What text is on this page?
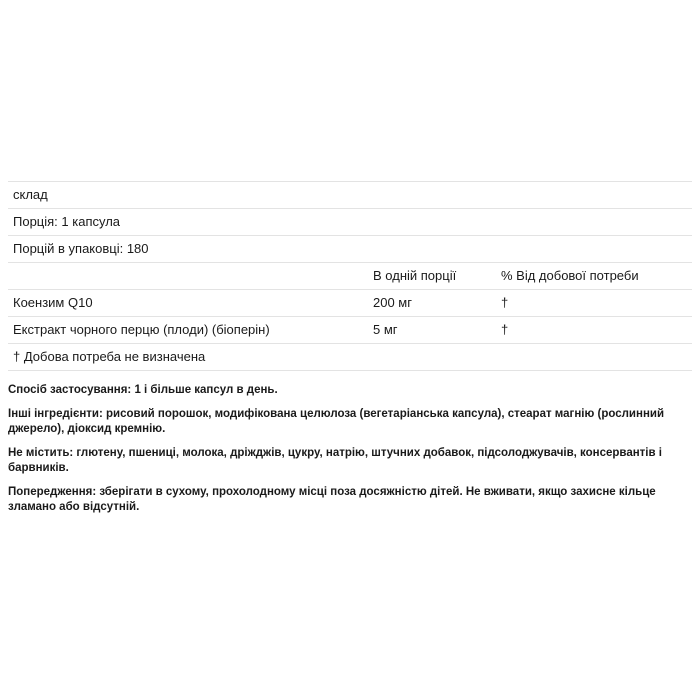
склад		
Порція: 1 капсула		
Порцій в упаковці: 180		
	В одній порції	% Від добової потреби
Коензим Q10	200 мг	†
Екстракт чорного перцю (плоди) (біоперін)	5 мг	†
† Добова потреба не визначена		

Спосіб застосування: 1 і більше капсул в день.

Інші інгредієнти: рисовий порошок, модифікована целюлоза (вегетаріанська капсула), стеарат магнію (рослинний джерело), діоксид кремнію.

Не містить: глютену, пшениці, молока, дріжджів, цукру, натрію, штучних добавок, підсолоджувачів, консервантів і барвників.

Попередження: зберігати в сухому, прохолодному місці поза досяжністю дітей. Не вживати, якщо захисне кільце зламано або відсутній.
